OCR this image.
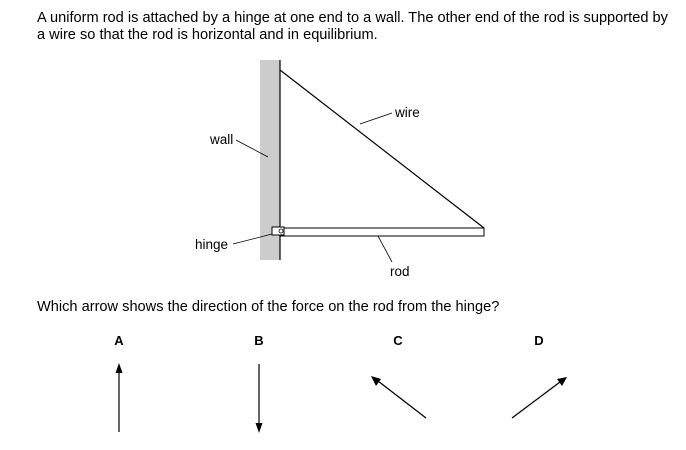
A uniform rod is attached by a hinge at one end to a wall. The other end of the rod is supported by a wire so that the rod is horizontal and in equilibrium.

wall
wire
hinge
rod

Which arrow shows the direction of the force on the rod from the hinge?

A	B	C	D
